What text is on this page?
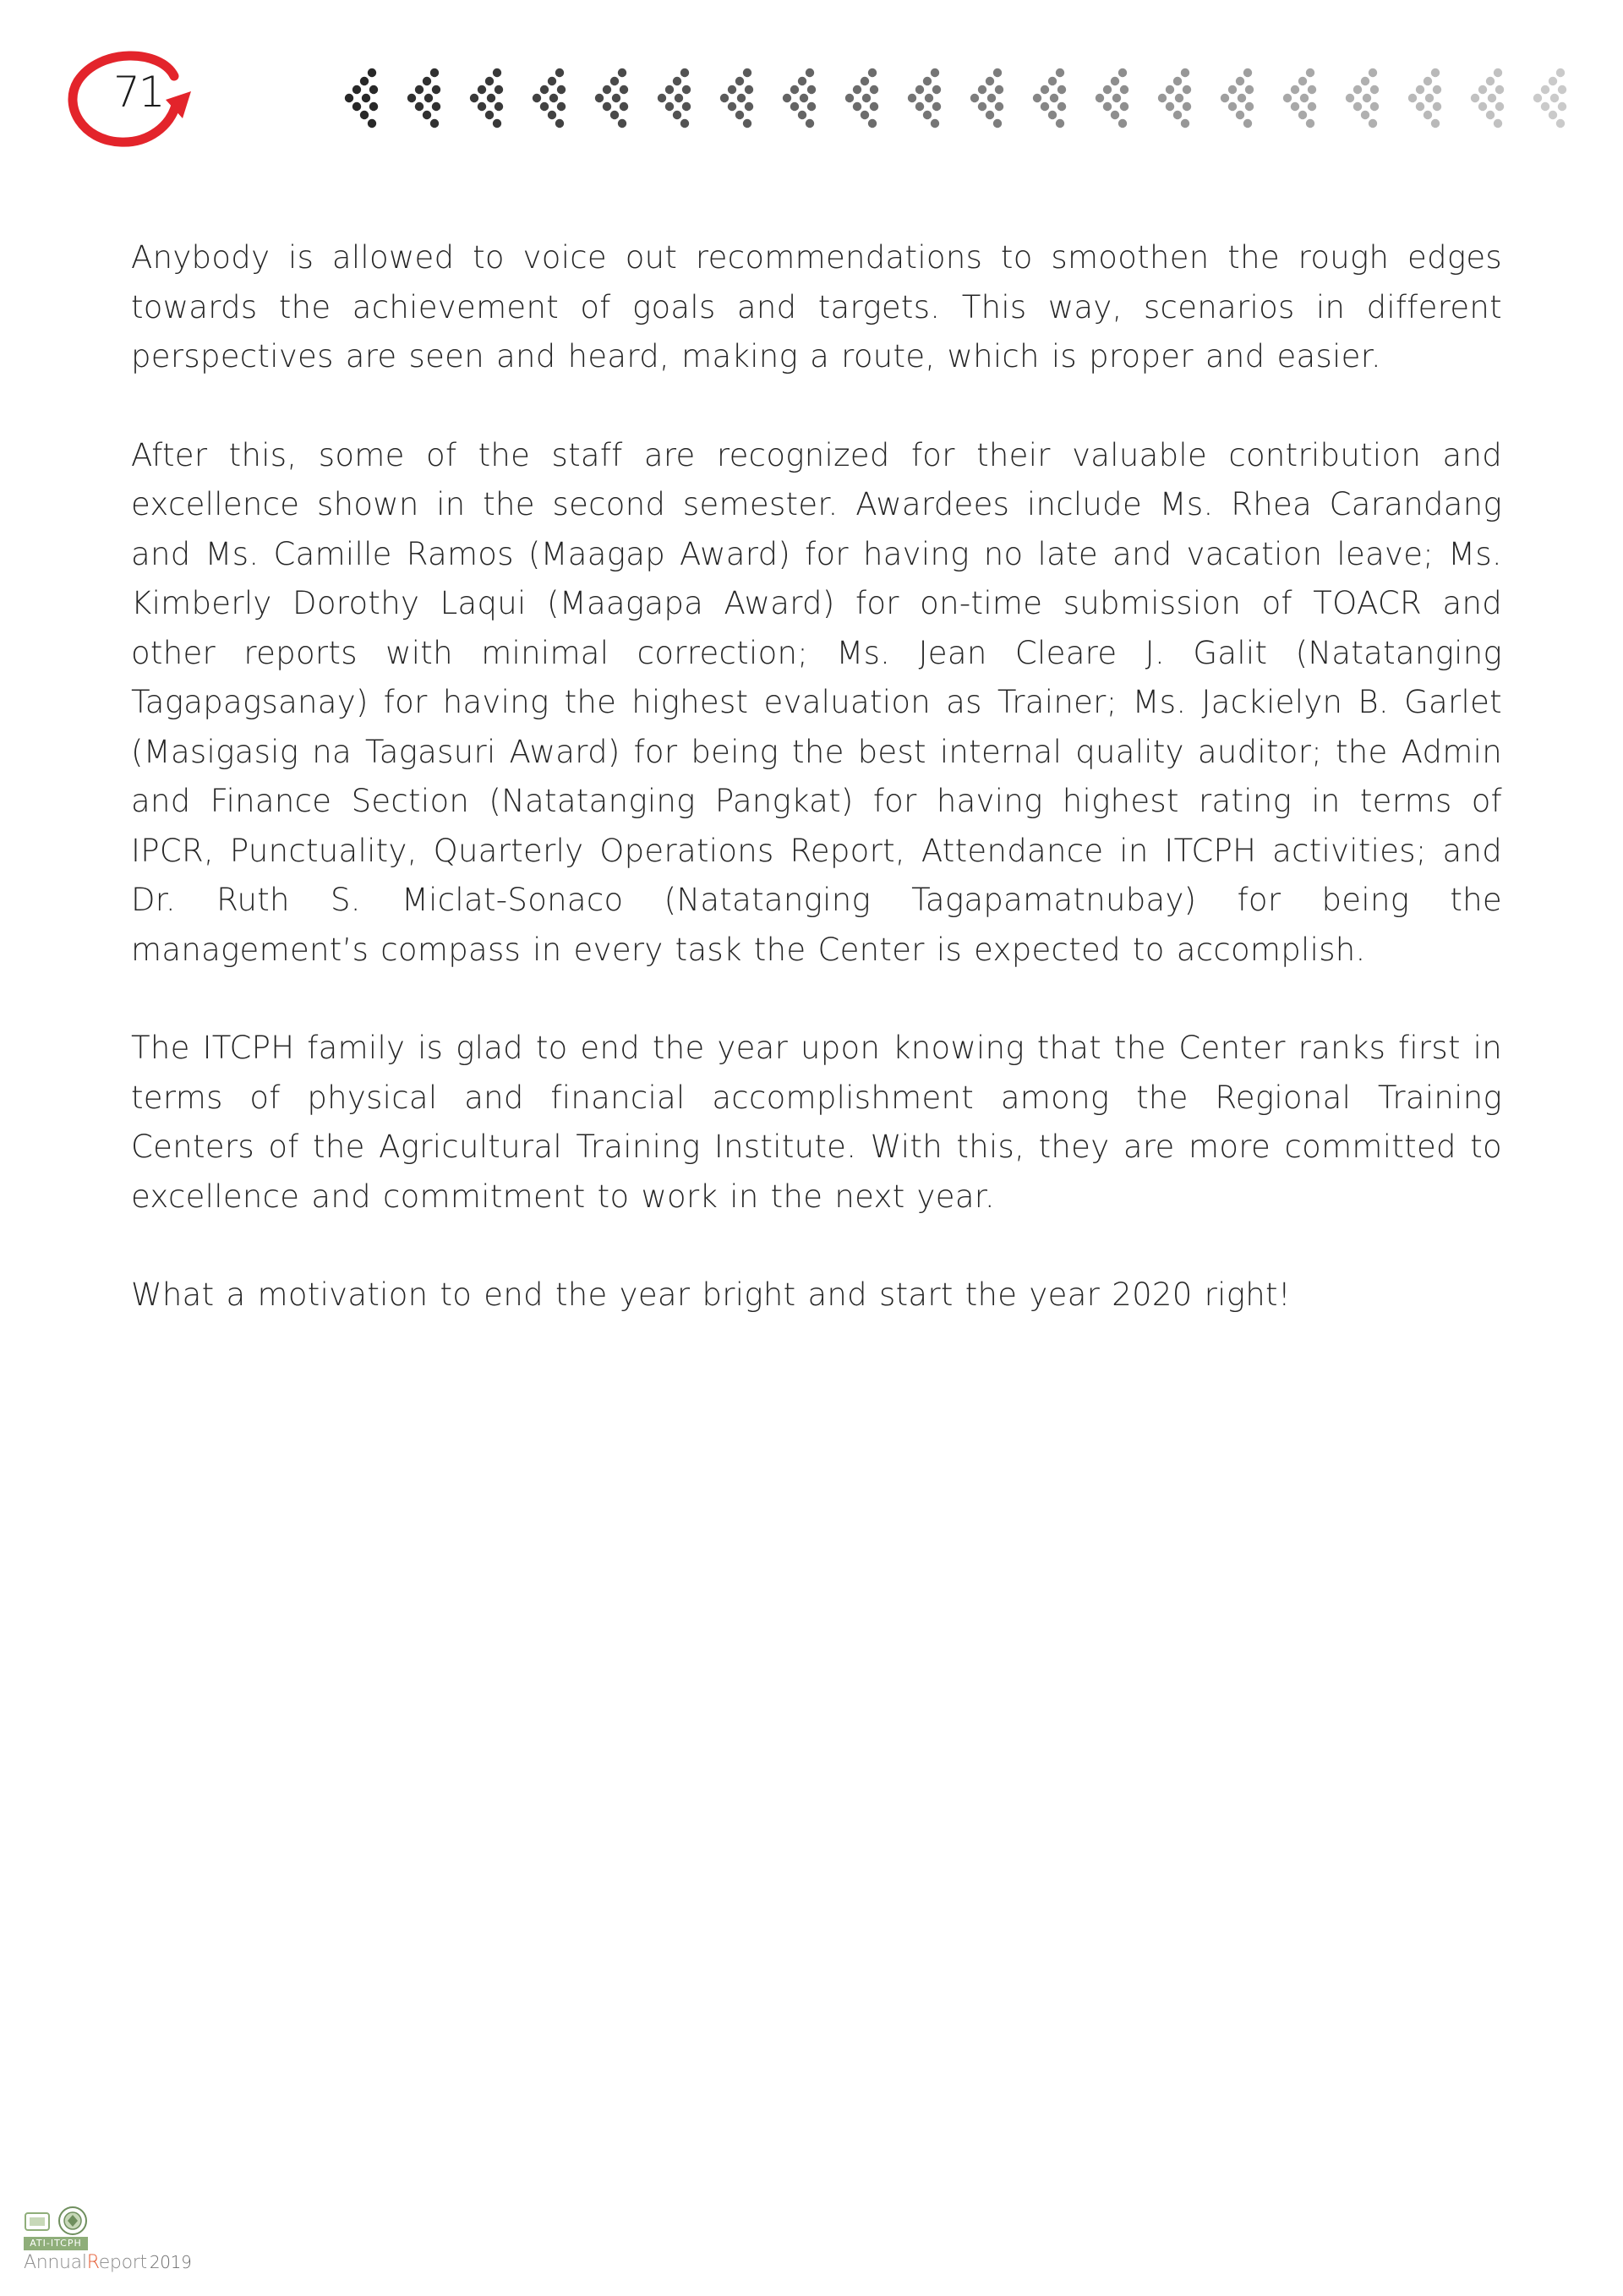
71

Anybody is allowed to voice out recommendations to smoothen the rough edges towards the achievement of goals and targets. This way, scenarios in different perspectives are seen and heard, making a route, which is proper and easier.

After this, some of the staff are recognized for their valuable contribution and excellence shown in the second semester. Awardees include Ms. Rhea Carandang and Ms. Camille Ramos (Maagap Award) for having no late and vacation leave; Ms. Kimberly Dorothy Laqui (Maagapa Award) for on-time submission of TOACR and other reports with minimal correction; Ms. Jean Cleare J. Galit (Natatanging Tagapagsanay) for having the highest evaluation as Trainer; Ms. Jackielyn B. Garlet (Masigasig na Tagasuri Award) for being the best internal quality auditor; the Admin and Finance Section (Natatanging Pangkat) for having highest rating in terms of IPCR, Punctuality, Quarterly Operations Report, Attendance in ITCPH activities; and Dr. Ruth S. Miclat-Sonaco (Natatanging Tagapamatnubay) for being the management’s compass in every task the Center is expected to accomplish.

The ITCPH family is glad to end the year upon knowing that the Center ranks first in terms of physical and financial accomplishment among the Regional Training Centers of the Agricultural Training Institute. With this, they are more committed to excellence and commitment to work in the next year.

What a motivation to end the year bright and start the year 2020 right!

ATI-ITCPH
AnnualReport 2019
